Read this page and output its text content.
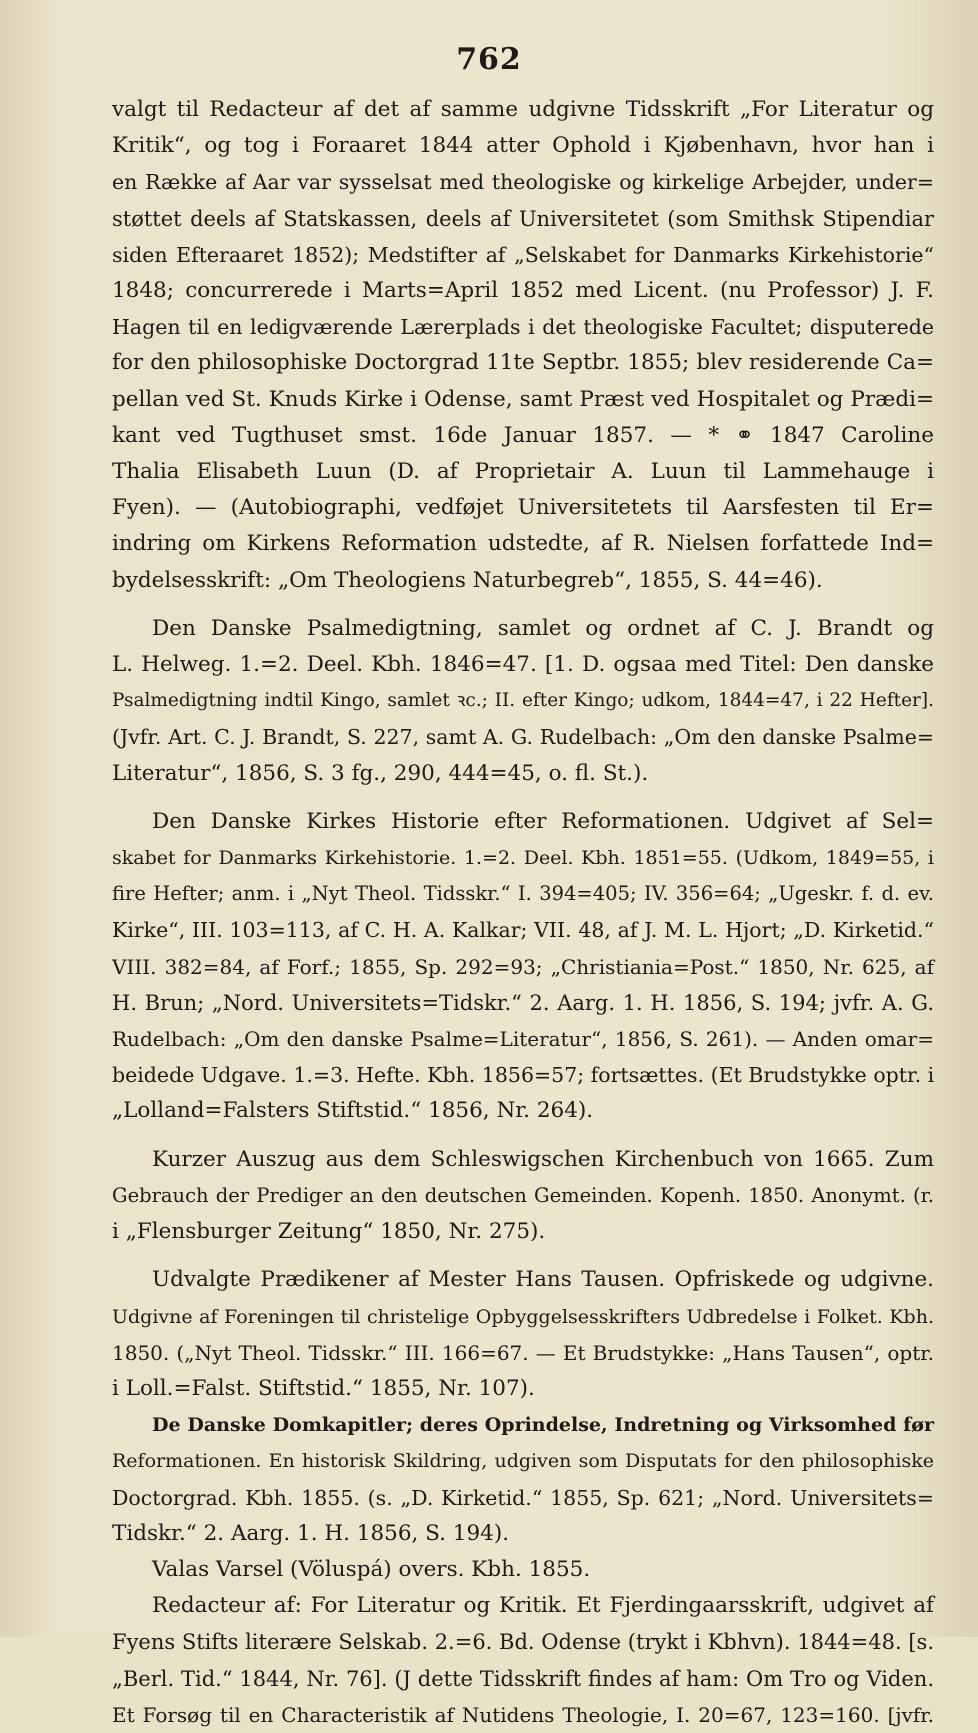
762
valgt til Redacteur af det af samme udgivne Tidsskrift „For Literatur og
Kritik“, og tog i Foraaret 1844 atter Ophold i Kjøbenhavn, hvor han i
en Række af Aar var sysselsat med theologiske og kirkelige Arbejder, under=
støttet deels af Statskassen, deels af Universitetet (som Smithsk Stipendiar
siden Efteraaret 1852); Medstifter af „Selskabet for Danmarks Kirkehistorie“
1848; concurrerede i Marts=April 1852 med Licent. (nu Professor) J. F.
Hagen til en ledigværende Lærerplads i det theologiske Facultet; disputerede
for den philosophiske Doctorgrad 11te Septbr. 1855; blev residerende Ca=
pellan ved St. Knuds Kirke i Odense, samt Præst ved Hospitalet og Prædi=
kant ved Tugthuset smst. 16de Januar 1857. — * ⚭ 1847 Caroline
Thalia Elisabeth Luun (D. af Proprietair A. Luun til Lammehauge i
Fyen). — (Autobiographi, vedføjet Universitetets til Aarsfesten til Er=
indring om Kirkens Reformation udstedte, af R. Nielsen forfattede Ind=
bydelsesskrift: „Om Theologiens Naturbegreb“, 1855, S. 44=46).
Den Danske Psalmedigtning, samlet og ordnet af C. J. Brandt og
L. Helweg. 1.=2. Deel. Kbh. 1846=47. [1. D. ogsaa med Titel: Den danske
Psalmedigtning indtil Kingo, samlet ꝛc.; II. efter Kingo; udkom, 1844=47, i 22 Hefter].
(Jvfr. Art. C. J. Brandt, S. 227, samt A. G. Rudelbach: „Om den danske Psalme=
Literatur“, 1856, S. 3 fg., 290, 444=45, o. fl. St.).
Den Danske Kirkes Historie efter Reformationen. Udgivet af Sel=
skabet for Danmarks Kirkehistorie. 1.=2. Deel. Kbh. 1851=55. (Udkom, 1849=55, i
fire Hefter; anm. i „Nyt Theol. Tidsskr.“ I. 394=405; IV. 356=64; „Ugeskr. f. d. ev.
Kirke“, III. 103=113, af C. H. A. Kalkar; VII. 48, af J. M. L. Hjort; „D. Kirketid.“
VIII. 382=84, af Forf.; 1855, Sp. 292=93; „Christiania=Post.“ 1850, Nr. 625, af
H. Brun; „Nord. Universitets=Tidskr.“ 2. Aarg. 1. H. 1856, S. 194; jvfr. A. G.
Rudelbach: „Om den danske Psalme=Literatur“, 1856, S. 261). — Anden omar=
beidede Udgave. 1.=3. Hefte. Kbh. 1856=57; fortsættes. (Et Brudstykke optr. i
„Lolland=Falsters Stiftstid.“ 1856, Nr. 264).
Kurzer Auszug aus dem Schleswigschen Kirchenbuch von 1665. Zum
Gebrauch der Prediger an den deutschen Gemeinden. Kopenh. 1850. Anonymt. (r.
i „Flensburger Zeitung“ 1850, Nr. 275).
Udvalgte Prædikener af Mester Hans Tausen. Opfriskede og udgivne.
Udgivne af Foreningen til christelige Opbyggelsesskrifters Udbredelse i Folket. Kbh.
1850. („Nyt Theol. Tidsskr.“ III. 166=67. — Et Brudstykke: „Hans Tausen“, optr.
i Loll.=Falst. Stiftstid.“ 1855, Nr. 107).
De Danske Domkapitler; deres Oprindelse, Indretning og Virksomhed før
Reformationen. En historisk Skildring, udgiven som Disputats for den philosophiske
Doctorgrad. Kbh. 1855. (s. „D. Kirketid.“ 1855, Sp. 621; „Nord. Universitets=
Tidskr.“ 2. Aarg. 1. H. 1856, S. 194).
Valas Varsel (Völuspá) overs. Kbh. 1855.
Redacteur af: For Literatur og Kritik. Et Fjerdingaarsskrift, udgivet af
Fyens Stifts literære Selskab. 2.=6. Bd. Odense (trykt i Kbhvn). 1844=48. [s.
„Berl. Tid.“ 1844, Nr. 76]. (J dette Tidsskrift findes af ham: Om Tro og Viden.
Et Forsøg til en Characteristik af Nutidens Theologie, I. 20=67, 123=160. [jvfr.
